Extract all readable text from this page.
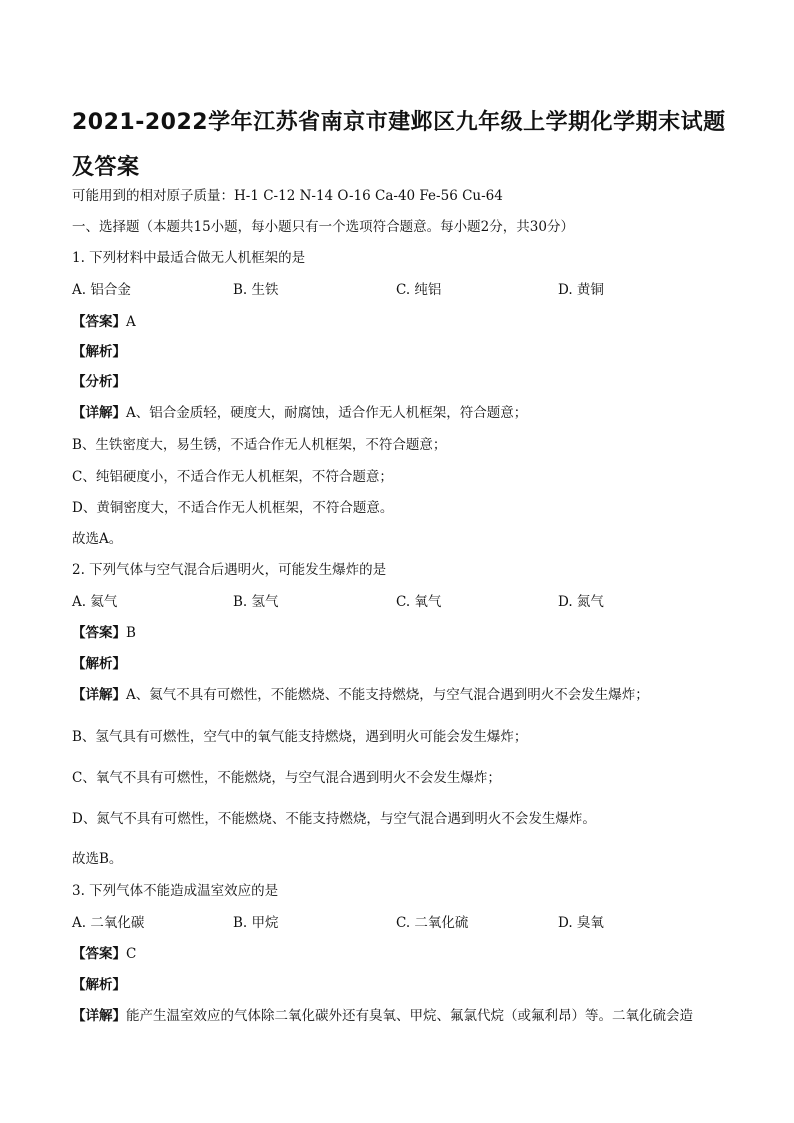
2021-2022学年江苏省南京市建邺区九年级上学期化学期末试题及答案
可能用到的相对原子质量：H-1 C-12 N-14 O-16 Ca-40 Fe-56 Cu-64
一、选择题（本题共15小题，每小题只有一个选项符合题意。每小题2分，共30分）
1. 下列材料中最适合做无人机框架的是
A. 铝合金	B. 生铁	C. 纯铝	D. 黄铜
【答案】A
【解析】
【分析】
【详解】A、铝合金质轻，硬度大，耐腐蚀，适合作无人机框架，符合题意；
B、生铁密度大，易生锈，不适合作无人机框架，不符合题意；
C、纯铝硬度小，不适合作无人机框架，不符合题意；
D、黄铜密度大，不适合作无人机框架，不符合题意。
故选A。
2. 下列气体与空气混合后遇明火，可能发生爆炸的是
A. 氦气	B. 氢气	C. 氧气	D. 氮气
【答案】B
【解析】
【详解】A、氦气不具有可燃性，不能燃烧、不能支持燃烧，与空气混合遇到明火不会发生爆炸；
B、氢气具有可燃性，空气中的氧气能支持燃烧，遇到明火可能会发生爆炸；
C、氧气不具有可燃性，不能燃烧，与空气混合遇到明火不会发生爆炸；
D、氮气不具有可燃性，不能燃烧、不能支持燃烧，与空气混合遇到明火不会发生爆炸。
故选B。
3. 下列气体不能造成温室效应的是
A. 二氧化碳	B. 甲烷	C. 二氧化硫	D. 臭氧
【答案】C
【解析】
【详解】能产生温室效应的气体除二氧化碳外还有臭氧、甲烷、氟氯代烷（或氟利昂）等。二氧化硫会造
